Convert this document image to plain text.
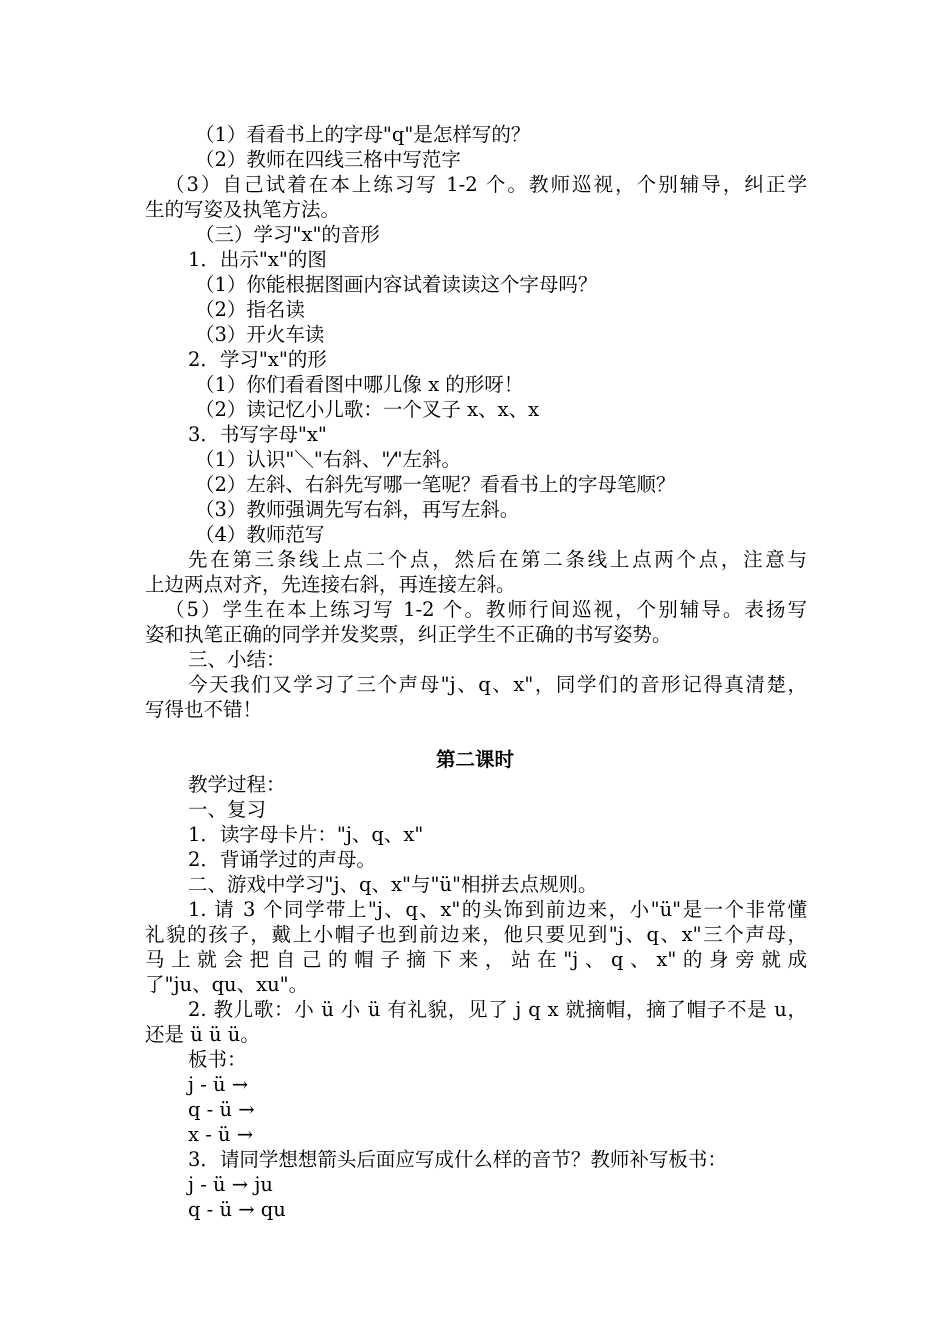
（1）看看书上的字母"q"是怎样写的？
（2）教师在四线三格中写范字
（3）自己试着在本上练习写 1-2 个。教师巡视，个别辅导，纠正学
生的写姿及执笔方法。
（三）学习"x"的音形
1．出示"x"的图
（1）你能根据图画内容试着读读这个字母吗？
（2）指名读
（3）开火车读
2．学习"x"的形
（1）你们看看图中哪儿像 x 的形呀！
（2）读记忆小儿歌：一个叉子 x、x、x
3．书写字母"x"
（1）认识"＼"右斜、"⁄"左斜。
（2）左斜、右斜先写哪一笔呢？看看书上的字母笔顺？
（3）教师强调先写右斜，再写左斜。
（4）教师范写
先在第三条线上点二个点，然后在第二条线上点两个点，注意与
上边两点对齐，先连接右斜，再连接左斜。
（5）学生在本上练习写 1-2 个。教师行间巡视，个别辅导。表扬写
姿和执笔正确的同学并发奖票，纠正学生不正确的书写姿势。
三、小结：
今天我们又学习了三个声母"j、q、x"，同学们的音形记得真清楚，
写得也不错！
第二课时
教学过程：
一、复习
1．读字母卡片："j、q、x"
2．背诵学过的声母。
二、游戏中学习"j、q、x"与"ü"相拼去点规则。
1. 请 3 个同学带上"j、q、x"的头饰到前边来，小"ü"是一个非常懂
礼貌的孩子，戴上小帽子也到前边来，他只要见到"j、q、x"三个声母，
马上就会把自己的帽子摘下来，站在"j、q、x"的身旁就成
了"ju、qu、xu"。
2. 教儿歌：小 ü 小 ü 有礼貌，见了 j q x 就摘帽，摘了帽子不是 u，
还是 ü ü ü。
板书：
j - ü →
q - ü →
x - ü →
3．请同学想想箭头后面应写成什么样的音节？教师补写板书：
j - ü → ju
q - ü → qu
